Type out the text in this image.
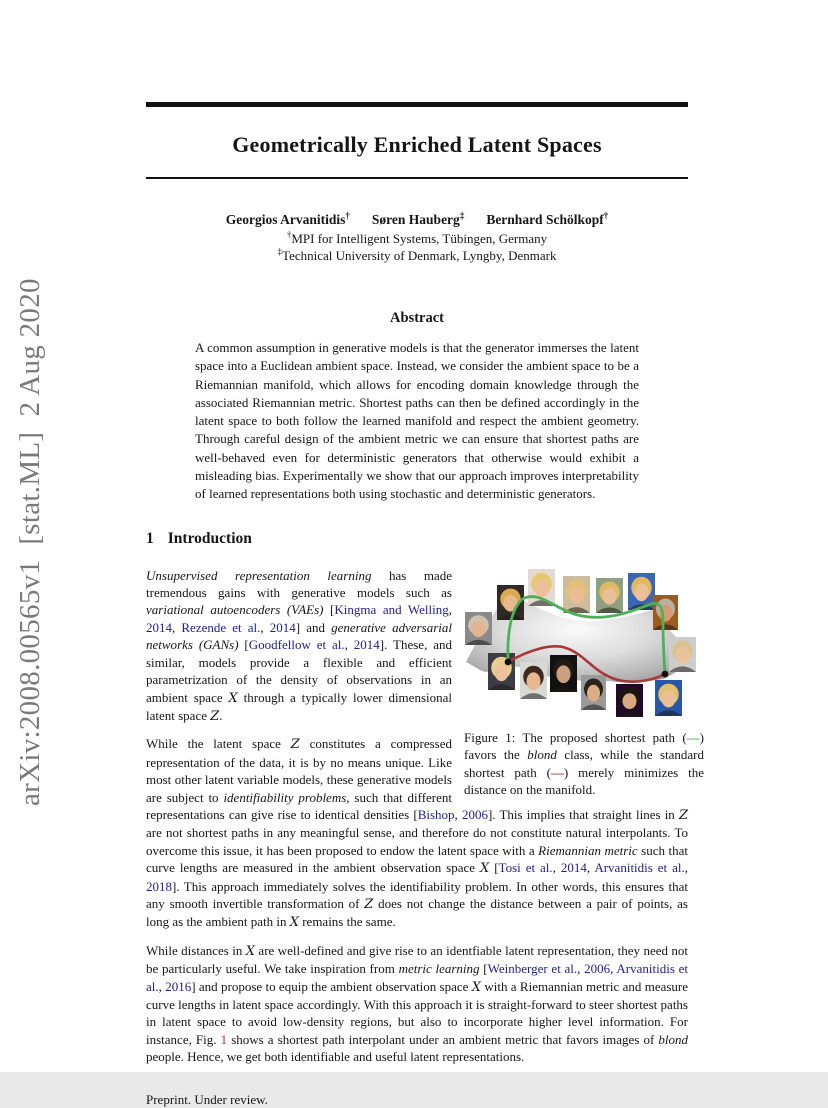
arXiv:2008.00565v1  [stat.ML]  2 Aug 2020
Geometrically Enriched Latent Spaces
Georgios Arvanitidis† Søren Hauberg‡ Bernhard Schölkopf†
†MPI for Intelligent Systems, Tübingen, Germany
‡Technical University of Denmark, Lyngby, Denmark
Abstract

A common assumption in generative models is that the generator immerses the latent space into a Euclidean ambient space. Instead, we consider the ambient space to be a Riemannian manifold, which allows for encoding domain knowledge through the associated Riemannian metric. Shortest paths can then be defined accordingly in the latent space to both follow the learned manifold and respect the ambient geometry. Through careful design of the ambient metric we can ensure that shortest paths are well-behaved even for deterministic generators that otherwise would exhibit a misleading bias. Experimentally we show that our approach improves interpretability of learned representations both using stochastic and deterministic generators.

1 Introduction
Figure 1: The proposed shortest path (—) favors the blond class, while the standard shortest path (—) merely minimizes the distance on the manifold.

Unsupervised representation learning has made tremendous gains with generative models such as variational autoencoders (VAEs) [Kingma and Welling, 2014, Rezende et al., 2014] and generative adversarial networks (GANs) [Goodfellow et al., 2014]. These, and similar, models provide a flexible and efficient parametrization of the density of observations in an ambient space X through a typically lower dimensional latent space Z.

While the latent space Z constitutes a compressed representation of the data, it is by no means unique. Like most other latent variable models, these generative models are subject to identifiability problems, such that different representations can give rise to identical densities [Bishop, 2006]. This implies that straight lines in Z are not shortest paths in any meaningful sense, and therefore do not constitute natural interpolants. To overcome this issue, it has been proposed to endow the latent space with a Riemannian metric such that curve lengths are measured in the ambient observation space X [Tosi et al., 2014, Arvanitidis et al., 2018]. This approach immediately solves the identifiability problem. In other words, this ensures that any smooth invertible transformation of Z does not change the distance between a pair of points, as long as the ambient path in X remains the same.

While distances in X are well-defined and give rise to an identfiable latent representation, they need not be particularly useful. We take inspiration from metric learning [Weinberger et al., 2006, Arvanitidis et al., 2016] and propose to equip the ambient observation space X with a Riemannian metric and measure curve lengths in latent space accordingly. With this approach it is straight-forward to steer shortest paths in latent space to avoid low-density regions, but also to incorporate higher level information. For instance, Fig. 1 shows a shortest path interpolant under an ambient metric that favors images of blond people. Hence, we get both identifiable and useful latent representations.

Preprint. Under review.
